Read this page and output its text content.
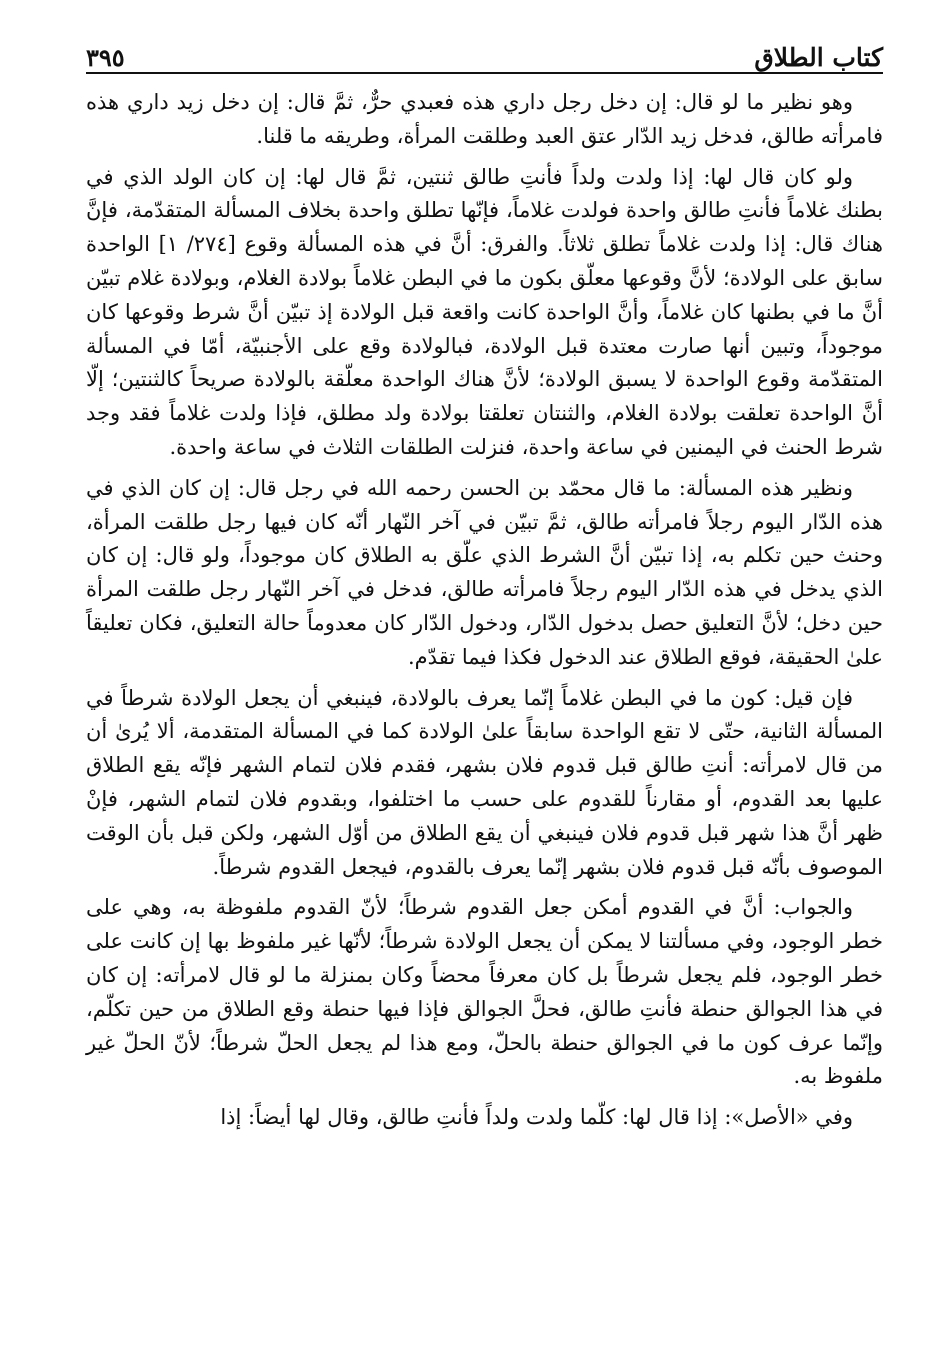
كتاب الطلاق
٣٩٥

وهو نظير ما لو قال: إن دخل رجل داري هذه فعبدي حرٌّ، ثمَّ قال: إن دخل زيد داري هذه فامرأته طالق، فدخل زيد الدّار عتق العبد وطلقت المرأة، وطريقه ما قلنا.

ولو كان قال لها: إذا ولدت ولداً فأنتِ طالق ثنتين، ثمَّ قال لها: إن كان الولد الذي في بطنك غلاماً فأنتِ طالق واحدة فولدت غلاماً، فإنّها تطلق واحدة بخلاف المسألة المتقدّمة، فإنَّ هناك قال: إذا ولدت غلاماً تطلق ثلاثاً. والفرق: أنَّ في هذه المسألة وقوع [٢٧٤/ ١] الواحدة سابق على الولادة؛ لأنَّ وقوعها معلّق بكون ما في البطن غلاماً بولادة الغلام، وبولادة غلام تبيّن أنَّ ما في بطنها كان غلاماً، وأنَّ الواحدة كانت واقعة قبل الولادة إذ تبيّن أنَّ شرط وقوعها كان موجوداً، وتبين أنها صارت معتدة قبل الولادة، فبالولادة وقع على الأجنبيّة، أمّا في المسألة المتقدّمة وقوع الواحدة لا يسبق الولادة؛ لأنَّ هناك الواحدة معلّقة بالولادة صريحاً كالثنتين؛ إلّا أنَّ الواحدة تعلقت بولادة الغلام، والثنتان تعلقتا بولادة ولد مطلق، فإذا ولدت غلاماً فقد وجد شرط الحنث في اليمنين في ساعة واحدة، فنزلت الطلقات الثلاث في ساعة واحدة.

ونظير هذه المسألة: ما قال محمّد بن الحسن رحمه الله في رجل قال: إن كان الذي في هذه الدّار اليوم رجلاً فامرأته طالق، ثمَّ تبيّن في آخر النّهار أنّه كان فيها رجل طلقت المرأة، وحنث حين تكلم به، إذا تبيّن أنَّ الشرط الذي علّق به الطلاق كان موجوداً، ولو قال: إن كان الذي يدخل في هذه الدّار اليوم رجلاً فامرأته طالق، فدخل في آخر النّهار رجل طلقت المرأة حين دخل؛ لأنَّ التعليق حصل بدخول الدّار، ودخول الدّار كان معدوماً حالة التعليق، فكان تعليقاً علىٰ الحقيقة، فوقع الطلاق عند الدخول فكذا فيما تقدّم.

فإن قيل: كون ما في البطن غلاماً إنّما يعرف بالولادة، فينبغي أن يجعل الولادة شرطاً في المسألة الثانية، حتّى لا تقع الواحدة سابقاً علىٰ الولادة كما في المسألة المتقدمة، ألا يُرىٰ أن من قال لامرأته: أنتِ طالق قبل قدوم فلان بشهر، فقدم فلان لتمام الشهر فإنّه يقع الطلاق عليها بعد القدوم، أو مقارناً للقدوم على حسب ما اختلفوا، وبقدوم فلان لتمام الشهر، فإنْ ظهر أنَّ هذا شهر قبل قدوم فلان فينبغي أن يقع الطلاق من أوّل الشهر، ولكن قبل بأن الوقت الموصوف بأنّه قبل قدوم فلان بشهر إنّما يعرف بالقدوم، فيجعل القدوم شرطاً.

والجواب: أنَّ في القدوم أمكن جعل القدوم شرطاً؛ لأنّ القدوم ملفوظة به، وهي على خطر الوجود، وفي مسألتنا لا يمكن أن يجعل الولادة شرطاً؛ لأنّها غير ملفوظ بها إن كانت على خطر الوجود، فلم يجعل شرطاً بل كان معرفاً محضاً وكان بمنزلة ما لو قال لامرأته: إن كان في هذا الجوالق حنطة فأنتِ طالق، فحلَّ الجوالق فإذا فيها حنطة وقع الطلاق من حين تكلّم، وإنّما عرف كون ما في الجوالق حنطة بالحلّ، ومع هذا لم يجعل الحلّ شرطاً؛ لأنّ الحلّ غير ملفوظ به.

وفي «الأصل»: إذا قال لها: كلّما ولدت ولداً فأنتِ طالق، وقال لها أيضاً: إذا
